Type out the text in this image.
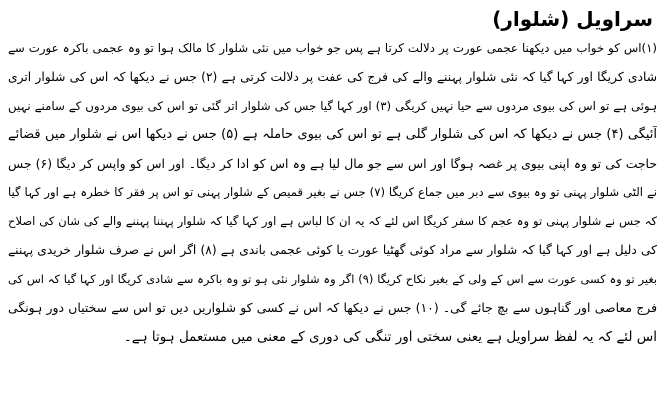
سراویل (شلوار)
(۱)اس کو خواب میں دیکھنا عجمی عورت پر دلالت کرتا ہے پس جو خواب میں نئی شلوار کا مالک ہوا تو وہ عجمی باکرہ عورت سے
شادی کریگا اور کہا گیا کہ نئی شلوار پہننے والے کی فرج کی عفت پر دلالت کرتی ہے (۲) جس نے دیکھا کہ اس کی شلوار اتری
ہوئی ہے تو اس کی بیوی مردوں سے حیا نہیں کریگی (۳) اور کہا گیا جس کی شلوار اتر گئی تو اس کی بیوی مردوں کے سامنے نہیں
آئیگی (۴) جس نے دیکھا کہ اس کی شلوار گلی ہے تو اس کی بیوی حاملہ ہے (۵) جس نے دیکھا اس نے شلوار میں قضائے
حاجت کی تو وہ اپنی بیوی پر غصہ ہوگا اور اس سے جو مال لیا ہے وہ اس کو ادا کر دیگا۔ اور اس کو واپس کر دیگا (۶) جس
نے الٹی شلوار پہنی تو وہ بیوی سے دبر میں جماع کریگا (۷) جس نے بغیر قمیص کے شلوار پہنی تو اس پر فقر کا خطرہ ہے اور کہا گیا
کہ جس نے شلوار پہنی تو وہ عجم کا سفر کریگا اس لئے کہ یہ ان کا لباس ہے اور کہا گیا کہ شلوار پہننا پہننے والے کی شان کی اصلاح
کی دلیل ہے اور کہا گیا کہ شلوار سے مراد کوئی گھٹیا عورت یا کوئی عجمی باندی ہے (۸) اگر اس نے صرف شلوار خریدی پہننے
بغیر تو وہ کسی عورت سے اس کے ولی کے بغیر نکاح کریگا (۹) اگر وہ شلوار نئی ہو تو وہ باکرہ سے شادی کریگا اور کہا گیا کہ اس کی
فرج معاصی اور گناہوں سے بچ جائے گی۔ (۱۰) جس نے دیکھا کہ اس نے کسی کو شلواریں دیں تو اس سے سختیاں دور ہونگی
اس لئے کہ یہ لفظ سراویل ہے یعنی سختی اور تنگی کی دوری کے معنی میں مستعمل ہوتا ہے۔
